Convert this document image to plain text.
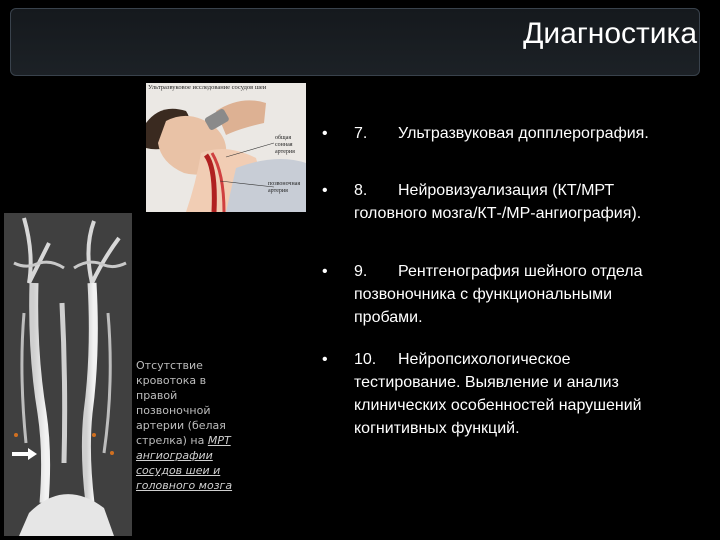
Диагностика
Ультразвуковое исследование сосудов шеи
общая
сонная
артерия
позвоночная
артерия
Отсутствие кровотока в правой позвоночной артерии (белая стрелка) на МРТ ангиографии сосудов шеи и головного мозга
• 7. Ультразвуковая допплерография.
• 8. Нейровизуализация (КТ/МРТ
головного мозга/КТ-/МР-ангиография).
• 9. Рентгенография шейного отдела
позвоночника с функциональными пробами.
• 10. Нейропсихологическое
тестирование. Выявление и анализ клинических особенностей нарушений когнитивных функций.
